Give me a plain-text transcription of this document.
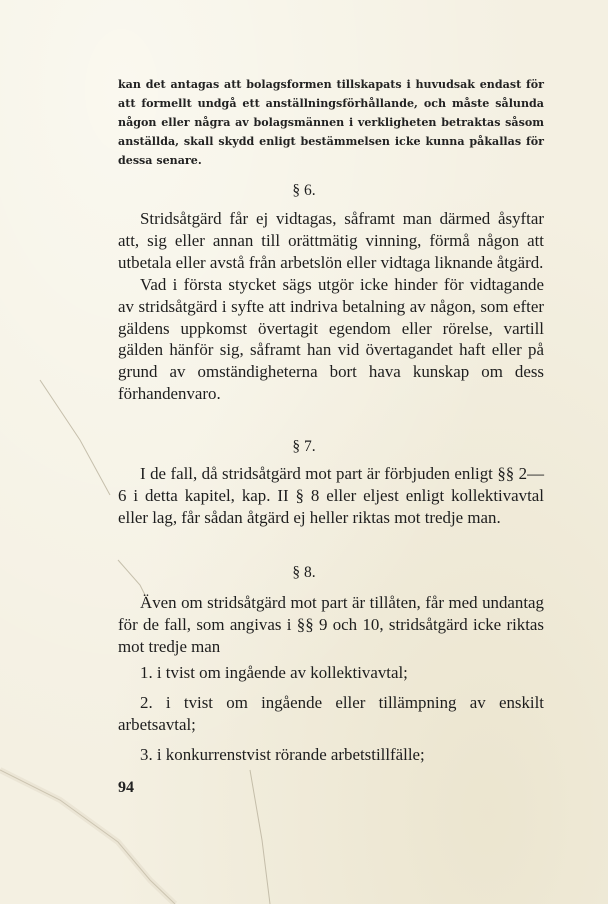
kan det antagas att bolagsformen tillskapats i huvudsak endast för att formellt undgå ett anställningsförhållande, och måste sålunda någon eller några av bolagsmännen i verkligheten betraktas såsom anställda, skall skydd enligt bestämmelsen icke kunna påkallas för dessa senare.

§ 6.

Stridsåtgärd får ej vidtagas, såframt man därmed åsyftar att, sig eller annan till orättmätig vinning, förmå någon att utbetala eller avstå från arbetslön eller vidtaga liknande åtgärd.

Vad i första stycket sägs utgör icke hinder för vidtagande av stridsåtgärd i syfte att indriva betalning av någon, som efter gäldens uppkomst övertagit egendom eller rörelse, vartill gälden hänför sig, såframt han vid övertagandet haft eller på grund av omständigheterna bort hava kunskap om dess förhandenvaro.

§ 7.

I de fall, då stridsåtgärd mot part är förbjuden enligt §§ 2—6 i detta kapitel, kap. II § 8 eller eljest enligt kollektivavtal eller lag, får sådan åtgärd ej heller riktas mot tredje man.

§ 8.

Även om stridsåtgärd mot part är tillåten, får med undantag för de fall, som angivas i §§ 9 och 10, stridsåtgärd icke riktas mot tredje man

1. i tvist om ingående av kollektivavtal;
2. i tvist om ingående eller tillämpning av enskilt arbetsavtal;
3. i konkurrenstvist rörande arbetstillfälle;
94
